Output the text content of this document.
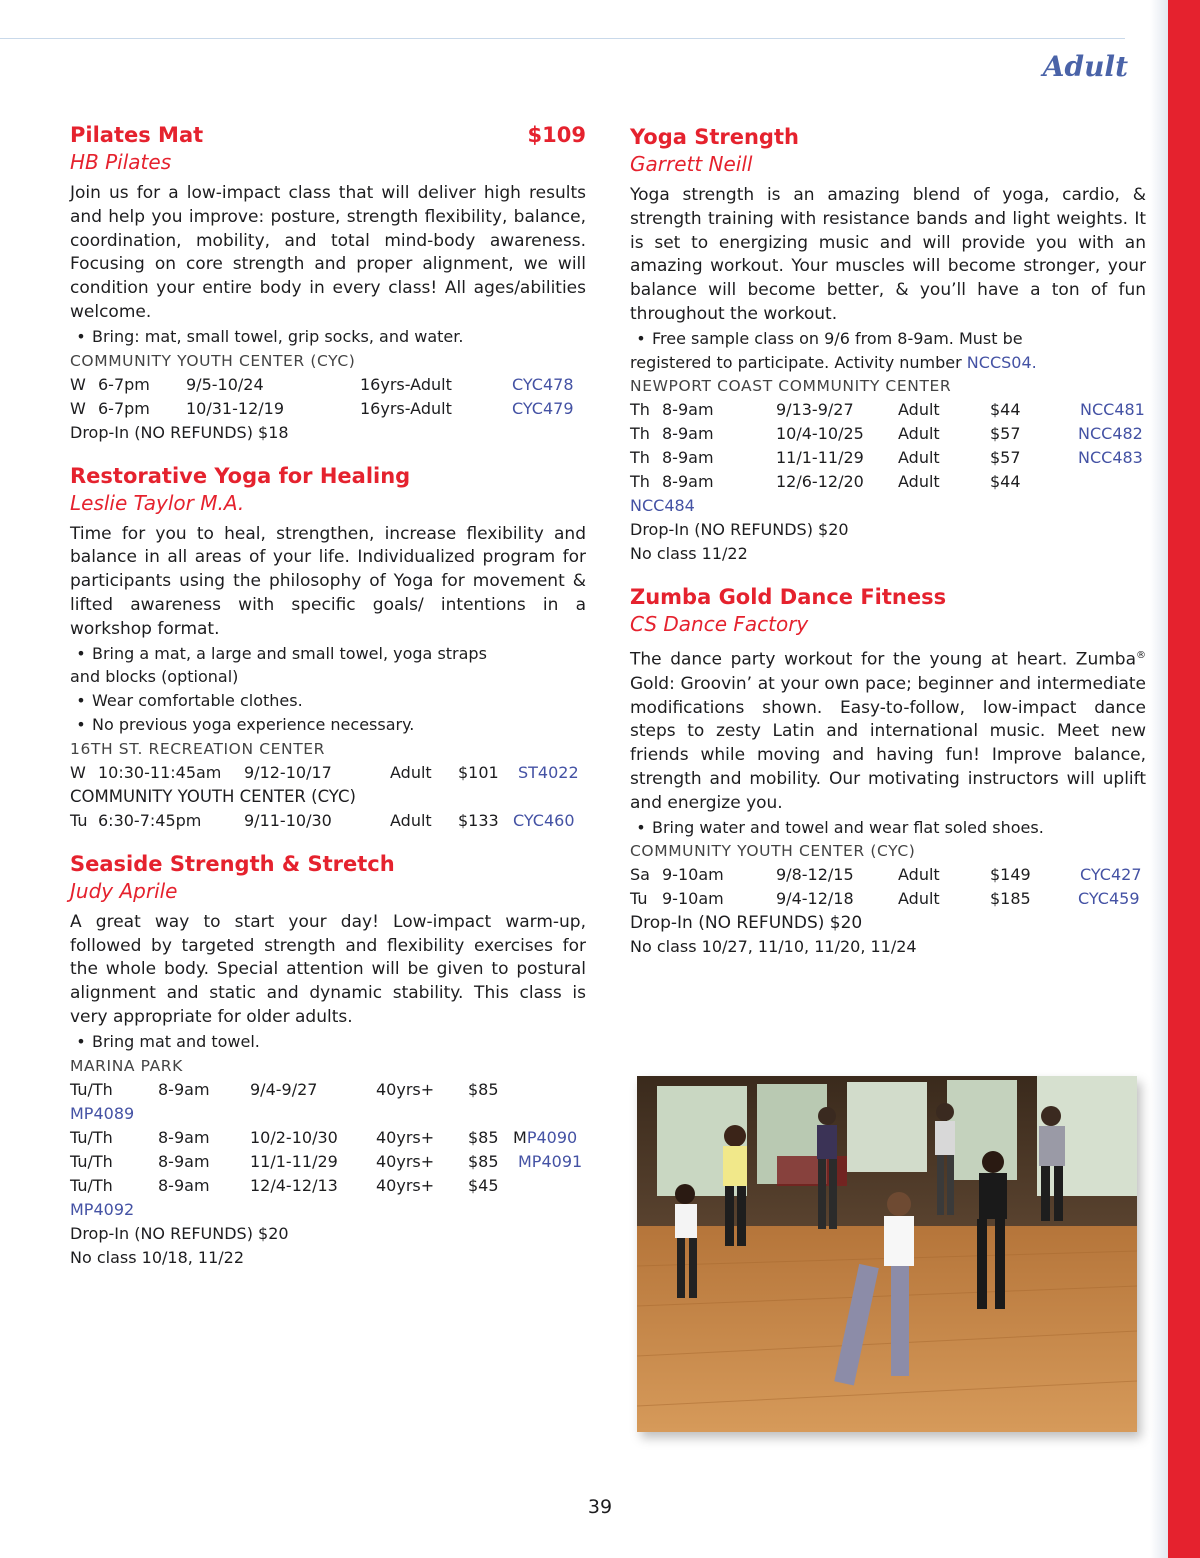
Adult
Pilates Mat	$109
HB Pilates

Join us for a low-impact class that will deliver high results and help you improve: posture, strength flexibility, balance, coordination, mobility, and total mind-body awareness. Focusing on core strength and proper alignment, we will condition your entire body in every class! All ages/abilities welcome.

• Bring: mat, small towel, grip socks, and water.
COMMUNITY YOUTH CENTER (CYC)
W 6-7pm	9/5-10/24	16yrs-Adult	CYC478
W 6-7pm	10/31-12/19	16yrs-Adult	CYC479
Drop-In (NO REFUNDS) $18
Restorative Yoga for Healing
Leslie Taylor M.A.

Time for you to heal, strengthen, increase flexibility and balance in all areas of your life. Individualized program for participants using the philosophy of Yoga for movement & lifted awareness with specific goals/ intentions in a workshop format.

• Bring a mat, a large and small towel, yoga straps
and blocks (optional)
• Wear comfortable clothes.
• No previous yoga experience necessary.
16TH ST. RECREATION CENTER
W 10:30-11:45am	9/12-10/17	Adult	$101	ST4022
COMMUNITY YOUTH CENTER (CYC)
Tu 6:30-7:45pm	9/11-10/30	Adult	$133 CYC460
Seaside Strength & Stretch
Judy Aprile

A great way to start your day! Low-impact warm-up, followed by targeted strength and flexibility exercises for the whole body. Special attention will be given to postural alignment and static and dynamic stability. This class is very appropriate for older adults.

• Bring mat and towel.
MARINA PARK
Tu/Th	8-9am	9/4-9/27	40yrs+	$85
MP4089
Tu/Th	8-9am	10/2-10/30	40yrs+	$85 M P4090
Tu/Th	8-9am	11/1-11/29	40yrs+	$85	MP4091
Tu/Th	8-9am	12/4-12/13	40yrs+	$45
MP4092
Drop-In (NO REFUNDS) $20
No class 10/18, 11/22
Yoga Strength
Garrett Neill

Yoga strength is an amazing blend of yoga, cardio, & strength training with resistance bands and light weights. It is set to energizing music and will provide you with an amazing workout. Your muscles will become stronger, your balance will become better, & you’ll have a ton of fun throughout the workout.

• Free sample class on 9/6 from 8-9am. Must be
registered to participate. Activity number NCCS04.
NEWPORT COAST COMMUNITY CENTER
Th 8-9am	9/13-9/27	Adult	$44	NCC481
Th 8-9am	10/4-10/25	Adult	$57	NCC482
Th 8-9am	11/1-11/29	Adult	$57	NCC483
Th 8-9am	12/6-12/20	Adult	$44
NCC484
Drop-In (NO REFUNDS) $20
No class 11/22
Zumba Gold Dance Fitness
CS Dance Factory

The dance party workout for the young at heart. Zumba® Gold: Groovin’ at your own pace; beginner and intermediate modifications shown. Easy-to-follow, low-impact dance steps to zesty Latin and international music. Meet new friends while moving and having fun! Improve balance, strength and mobility. Our motivating instructors will uplift and energize you.

• Bring water and towel and wear flat soled shoes.
COMMUNITY YOUTH CENTER (CYC)
Sa 9-10am	9/8-12/15	Adult	$149	CYC427
Tu 9-10am	9/4-12/18	Adult	$185	CYC459
Drop-In (NO REFUNDS) $20
No class 10/27, 11/10, 11/20, 11/24
39
